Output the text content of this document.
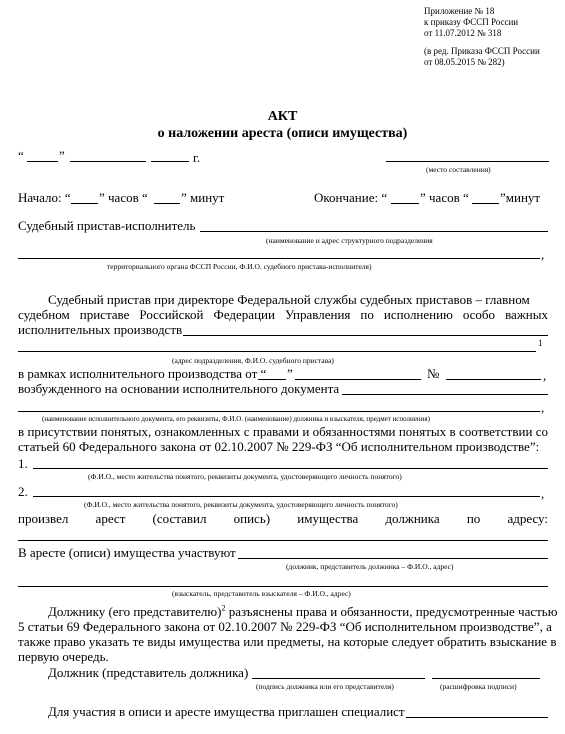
Приложение № 18
к приказу ФССП России
от 11.07.2012 № 318
(в ред. Приказа ФССП России
от 08.05.2015 № 282)
АКТ
о наложении ареста (описи имущества)
“	”	г.
(место составления)
Начало: “ ” часов “	” минут	Окончание: “	” часов “ ”минут
Судебный пристав-исполнитель
(наименование и адрес структурного подразделения
,
территориального органа ФССП России, Ф.И.О. судебного пристава-исполнителя)
Судебный пристав при директоре Федеральной службы судебных приставов – главном
судебном приставе Российской Федерации Управления по исполнению особо важных
исполнительных производств
1
(адрес подразделения, Ф.И.О. судебного пристава)
в рамках исполнительного производства от “ ”	№	,
возбужденного на основании исполнительного документа
,
(наименование исполнительного документа, его реквизиты, Ф.И.О. (наименование) должника и взыскателя, предмет исполнения)
в присутствии понятых, ознакомленных с правами и обязанностями понятых в соответствии со
статьей 60 Федерального закона от 02.10.2007 № 229-ФЗ “Об исполнительном производстве”:
1.
(Ф.И.О., место жительства понятого, реквизиты документа, удостоверяющего личность понятого)
2.	,
(Ф.И.О., место жительства понятого, реквизиты документа, удостоверяющего личность понятого)
произвел арест (составил опись) имущества должника по адресу:
В аресте (описи) имущества участвуют
(должник, представитель должника – Ф.И.О., адрес)
(взыскатель, представитель взыскателя – Ф.И.О., адрес)
Должнику (его представителю)$^2$ разъяснены права и обязанности, предусмотренные частью
5 статьи 69 Федерального закона от 02.10.2007 № 229-ФЗ “Об исполнительном производстве”, а
также право указать те виды имущества или предметы, на которые следует обратить взыскание в
первую очередь.
Должник (представитель должника)
(подпись должника или его представителя)	(расшифровка подписи)
Для участия в описи и аресте имущества приглашен специалист
